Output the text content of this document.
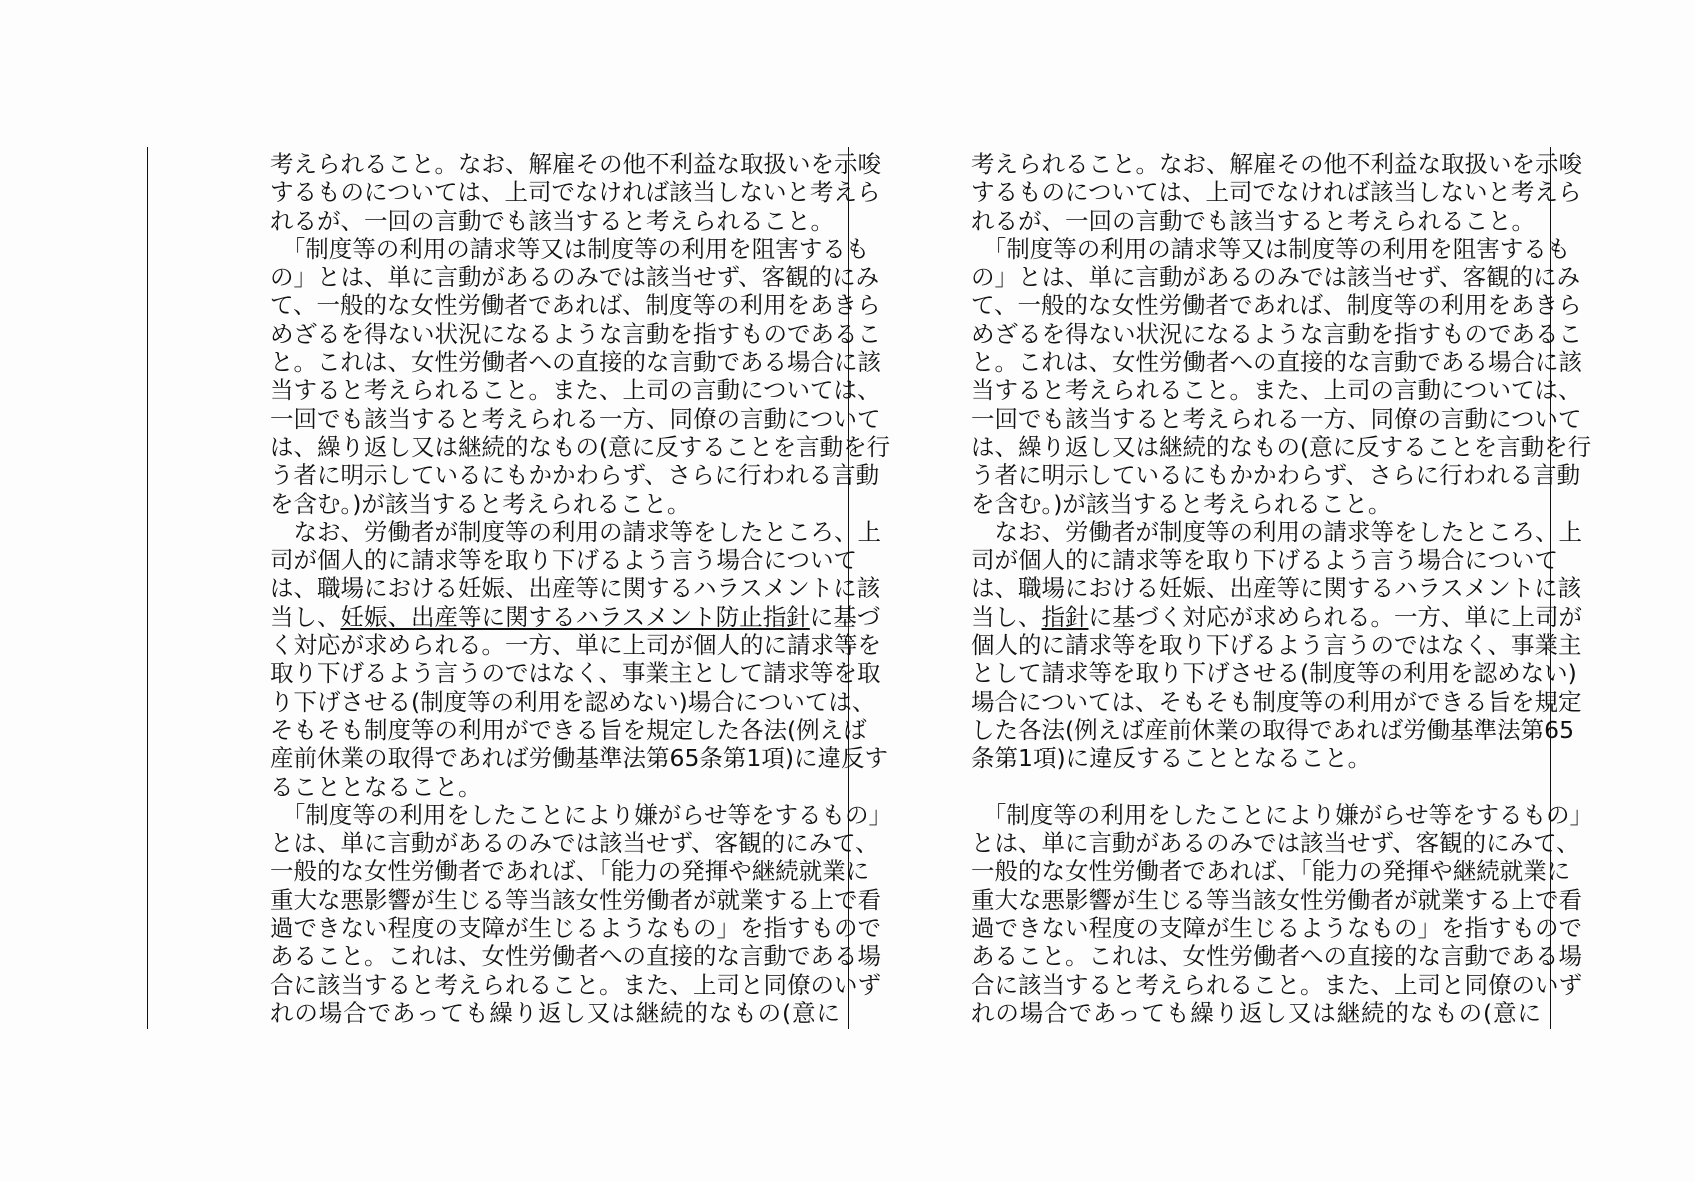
考えられること。なお、解雇その他不利益な取扱いを示唆
するものについては、上司でなければ該当しないと考えら
れるが、一回の言動でも該当すると考えられること。
　「制度等の利用の請求等又は制度等の利用を阻害するも
の」とは、単に言動があるのみでは該当せず、客観的にみ
て、一般的な女性労働者であれば、制度等の利用をあきら
めざるを得ない状況になるような言動を指すものであるこ
と。これは、女性労働者への直接的な言動である場合に該
当すると考えられること。また、上司の言動については、
一回でも該当すると考えられる一方、同僚の言動について
は、繰り返し又は継続的なもの(意に反することを言動を行
う者に明示しているにもかかわらず、さらに行われる言動
を含む。)が該当すると考えられること。
　なお、労働者が制度等の利用の請求等をしたところ、上
司が個人的に請求等を取り下げるよう言う場合について
は、職場における妊娠、出産等に関するハラスメントに該
当し、妊娠、出産等に関するハラスメント防止指針に基づ
く対応が求められる。一方、単に上司が個人的に請求等を
取り下げるよう言うのではなく、事業主として請求等を取
り下げさせる(制度等の利用を認めない)場合については、
そもそも制度等の利用ができる旨を規定した各法(例えば
産前休業の取得であれば労働基準法第65条第1項)に違反す
ることとなること。
　「制度等の利用をしたことにより嫌がらせ等をするもの」
とは、単に言動があるのみでは該当せず、客観的にみて、
一般的な女性労働者であれば、「能力の発揮や継続就業に
重大な悪影響が生じる等当該女性労働者が就業する上で看
過できない程度の支障が生じるようなもの」を指すもので
あること。これは、女性労働者への直接的な言動である場
合に該当すると考えられること。また、上司と同僚のいず
れの場合であっても繰り返し又は継続的なもの(意に
考えられること。なお、解雇その他不利益な取扱いを示唆
するものについては、上司でなければ該当しないと考えら
れるが、一回の言動でも該当すると考えられること。
　「制度等の利用の請求等又は制度等の利用を阻害するも
の」とは、単に言動があるのみでは該当せず、客観的にみ
て、一般的な女性労働者であれば、制度等の利用をあきら
めざるを得ない状況になるような言動を指すものであるこ
と。これは、女性労働者への直接的な言動である場合に該
当すると考えられること。また、上司の言動については、
一回でも該当すると考えられる一方、同僚の言動について
は、繰り返し又は継続的なもの(意に反することを言動を行
う者に明示しているにもかかわらず、さらに行われる言動
を含む。)が該当すると考えられること。
　なお、労働者が制度等の利用の請求等をしたところ、上
司が個人的に請求等を取り下げるよう言う場合について
は、職場における妊娠、出産等に関するハラスメントに該
当し、指針に基づく対応が求められる。一方、単に上司が
個人的に請求等を取り下げるよう言うのではなく、事業主
として請求等を取り下げさせる(制度等の利用を認めない)
場合については、そもそも制度等の利用ができる旨を規定
した各法(例えば産前休業の取得であれば労働基準法第65
条第1項)に違反することとなること。

　「制度等の利用をしたことにより嫌がらせ等をするもの」
とは、単に言動があるのみでは該当せず、客観的にみて、
一般的な女性労働者であれば、「能力の発揮や継続就業に
重大な悪影響が生じる等当該女性労働者が就業する上で看
過できない程度の支障が生じるようなもの」を指すもので
あること。これは、女性労働者への直接的な言動である場
合に該当すると考えられること。また、上司と同僚のいず
れの場合であっても繰り返し又は継続的なもの(意に
